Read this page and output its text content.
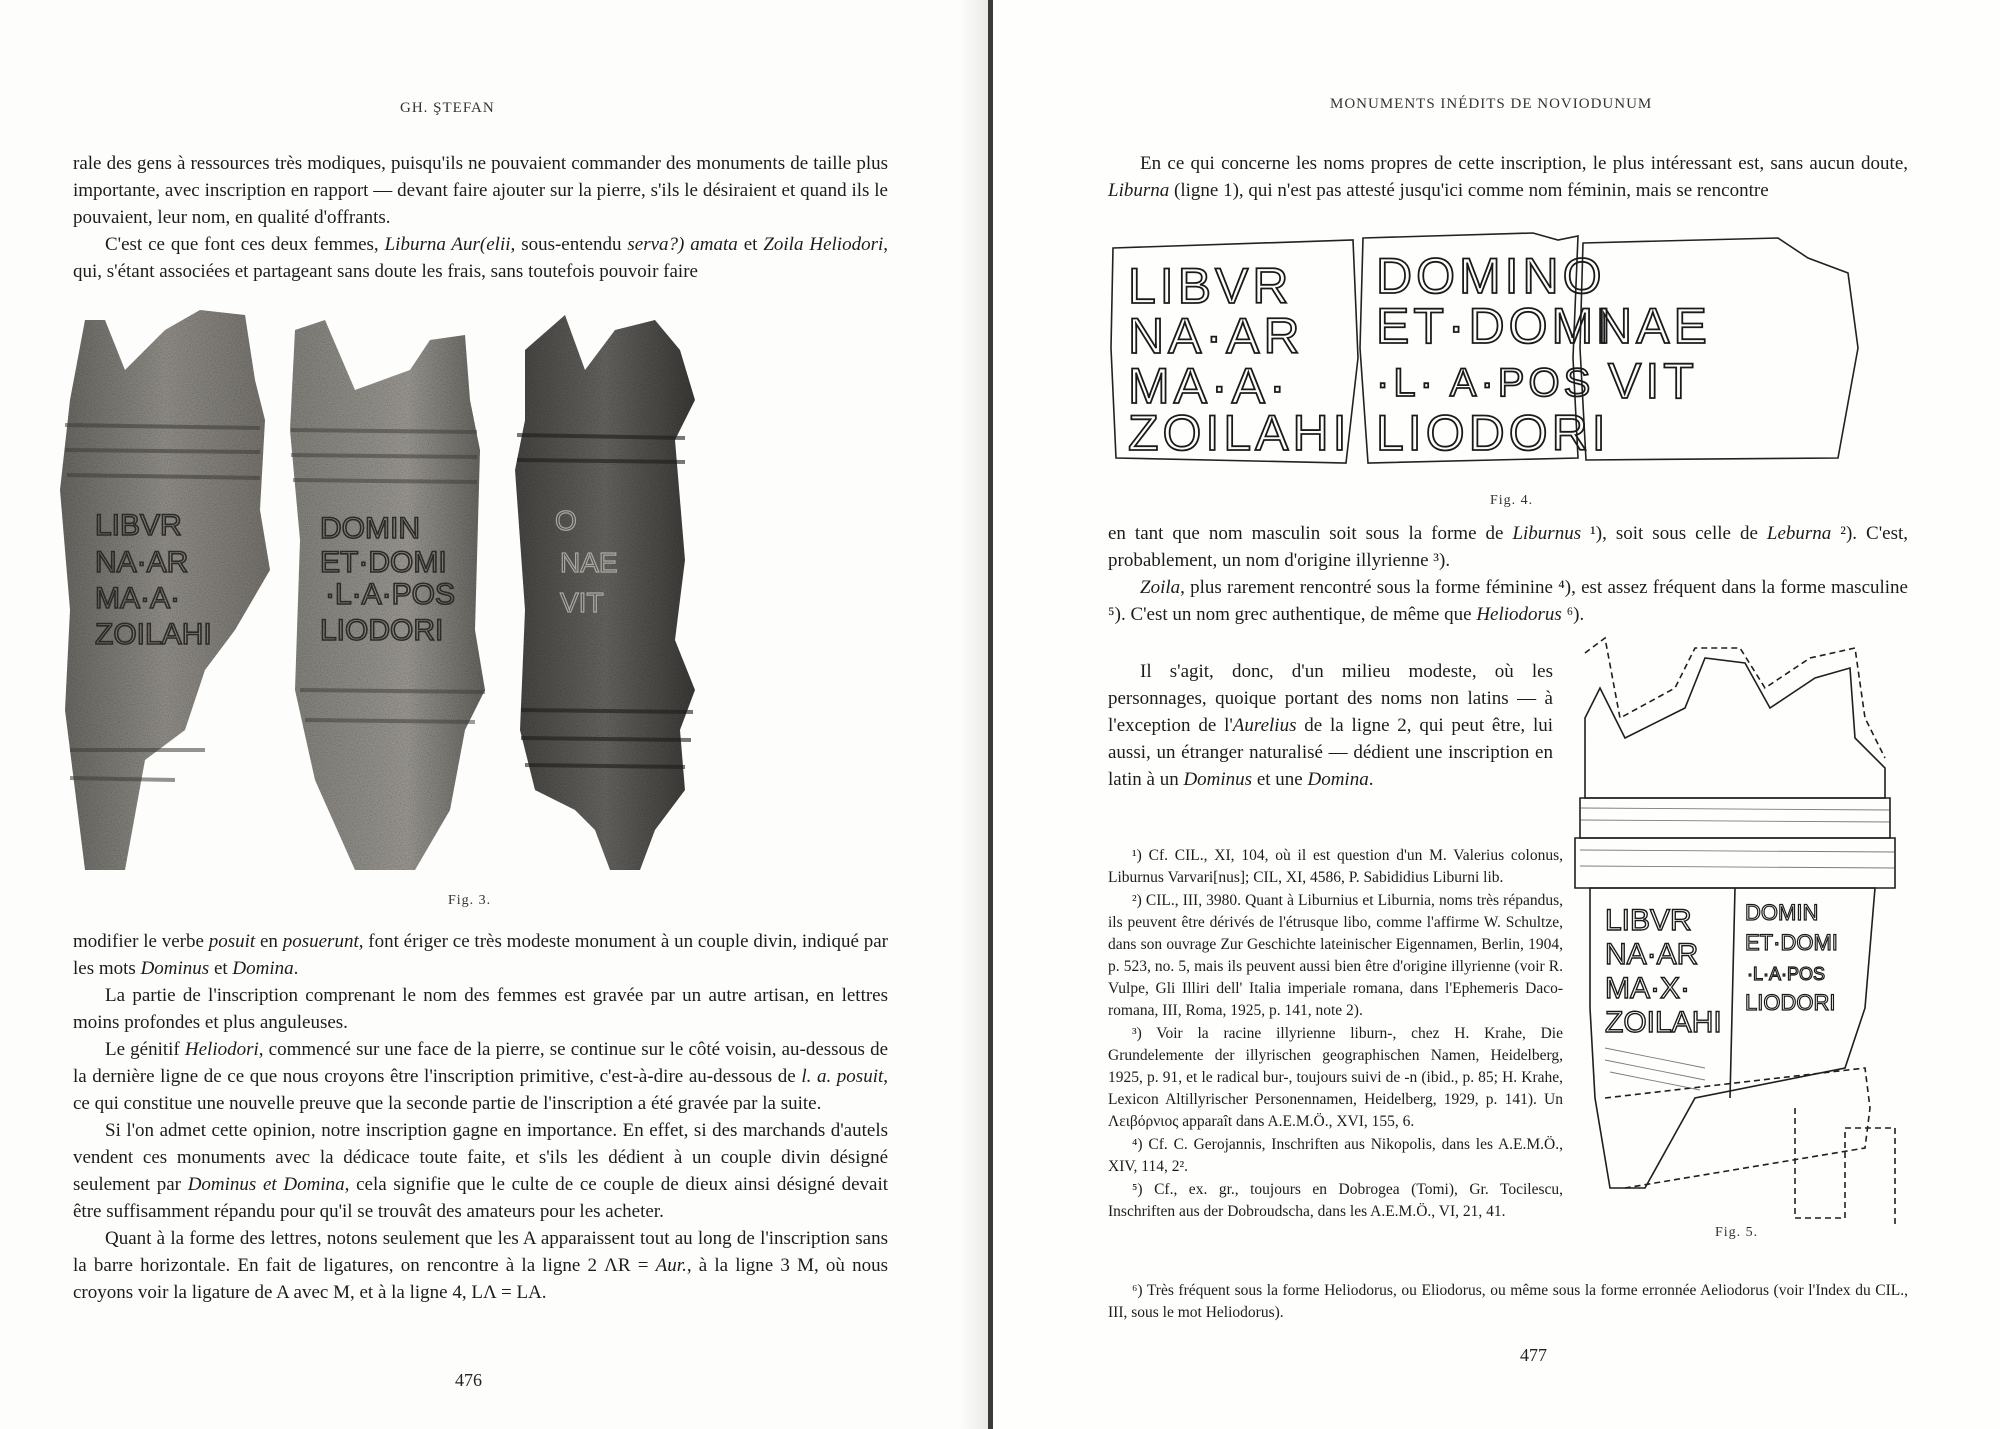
GH. ŞTEFAN

rale des gens à ressources très modiques, puisqu'ils ne pouvaient commander des monuments de taille plus importante, avec inscription en rapport — devant faire ajouter sur la pierre, s'ils le désiraient et quand ils le pouvaient, leur nom, en qualité d'offrants.

C'est ce que font ces deux femmes, Liburna Aur(elii, sous-entendu serva?) amata et Zoila Heliodori, qui, s'étant associées et partageant sans doute les frais, sans toutefois pouvoir faire

LIBVR
NA·AR
MA·A·
ZOILAHI
DOMIN
ET·DOMI
·L·A·POS
LIODORI
O
NAE
VIT
Fig. 3.

modifier le verbe posuit en posuerunt, font ériger ce très modeste monument à un couple divin, indiqué par les mots Dominus et Domina.

La partie de l'inscription comprenant le nom des femmes est gravée par un autre artisan, en lettres moins profondes et plus anguleuses.

Le génitif Heliodori, commencé sur une face de la pierre, se continue sur le côté voisin, au-dessous de la dernière ligne de ce que nous croyons être l'inscription primitive, c'est-à-dire au-dessous de l. a. posuit, ce qui constitue une nouvelle preuve que la seconde partie de l'inscription a été gravée par la suite.

Si l'on admet cette opinion, notre inscription gagne en importance. En effet, si des marchands d'autels vendent ces monuments avec la dédicace toute faite, et s'ils les dédient à un couple divin désigné seulement par Dominus et Domina, cela signifie que le culte de ce couple de dieux ainsi désigné devait être suffisamment répandu pour qu'il se trouvât des amateurs pour les acheter.

Quant à la forme des lettres, notons seulement que les A apparaissent tout au long de l'inscription sans la barre horizontale. En fait de ligatures, on rencontre à la ligne 2 ΛR = Aur., à la ligne 3 M, où nous croyons voir la ligature de A avec M, et à la ligne 4, LΛ = LA.

476
MONUMENTS INÉDITS DE NOVIODUNUM

En ce qui concerne les noms propres de cette inscription, le plus intéressant est, sans aucun doute, Liburna (ligne 1), qui n'est pas attesté jusqu'ici comme nom féminin, mais se rencontre

LIBVR
NA·AR
MA·A·
ZOILAHI
DOMINO
ET·DOMI
·L· A·POS
LIODORI
NAE
VIT
Fig. 4.

en tant que nom masculin soit sous la forme de Liburnus ¹), soit sous celle de Leburna ²). C'est, probablement, un nom d'origine illyrienne ³).

Zoila, plus rarement rencontré sous la forme féminine ⁴), est assez fréquent dans la forme masculine ⁵). C'est un nom grec authentique, de même que Heliodorus ⁶).

Il s'agit, donc, d'un milieu modeste, où les personnages, quoique portant des noms non latins — à l'exception de l'Aurelius de la ligne 2, qui peut être, lui aussi, un étranger naturalisé — dédient une inscription en latin à un Dominus et une Domina.

LIBVR
NA·AR
MA·X·
ZOILAHI
DOMIN
ET·DOMI
·L·A·POS
LIODORI
Fig. 5.

¹) Cf. CIL., XI, 104, où il est question d'un M. Valerius colonus, Liburnus Varvari[nus]; CIL, XI, 4586, P. Sabididius Liburni lib.

²) CIL., III, 3980. Quant à Liburnius et Liburnia, noms très répandus, ils peuvent être dérivés de l'étrusque libo, comme l'affirme W. Schultze, dans son ouvrage Zur Geschichte lateinischer Eigennamen, Berlin, 1904, p. 523, no. 5, mais ils peuvent aussi bien être d'origine illyrienne (voir R. Vulpe, Gli Illiri dell' Italia imperiale romana, dans l'Ephemeris Daco-romana, III, Roma, 1925, p. 141, note 2).

³) Voir la racine illyrienne liburn-, chez H. Krahe, Die Grundelemente der illyrischen geographischen Namen, Heidelberg, 1925, p. 91, et le radical bur-, toujours suivi de -n (ibid., p. 85; H. Krahe, Lexicon Altillyrischer Personennamen, Heidelberg, 1929, p. 141). Un Λειβόρνιος apparaît dans A.E.M.Ö., XVI, 155, 6.

⁴) Cf. C. Gerojannis, Inschriften aus Nikopolis, dans les A.E.M.Ö., XIV, 114, 2².

⁵) Cf., ex. gr., toujours en Dobrogea (Tomi), Gr. Tocilescu, Inschriften aus der Dobroudscha, dans les A.E.M.Ö., VI, 21, 41.

⁶) Très fréquent sous la forme Heliodorus, ou Eliodorus, ou même sous la forme erronnée Aeliodorus (voir l'Index du CIL., III, sous le mot Heliodorus).

477
